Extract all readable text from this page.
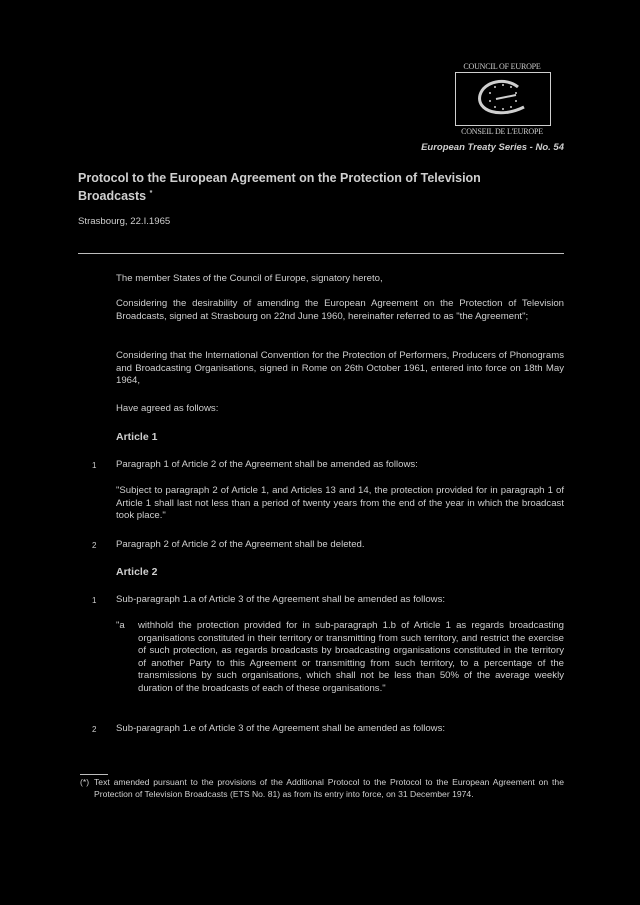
COUNCIL OF EUROPE
CONSEIL DE L'EUROPE
European Treaty Series - No. 54
Protocol to the European Agreement on the Protection of Television Broadcasts *
Strasbourg, 22.I.1965
The member States of the Council of Europe, signatory hereto,
Considering the desirability of amending the European Agreement on the Protection of Television Broadcasts, signed at Strasbourg on 22nd June 1960, hereinafter referred to as "the Agreement";
Considering that the International Convention for the Protection of Performers, Producers of Phonograms and Broadcasting Organisations, signed in Rome on 26th October 1961, entered into force on 18th May 1964,
Have agreed as follows:
Article 1
1 Paragraph 1 of Article 2 of the Agreement shall be amended as follows:
"Subject to paragraph 2 of Article 1, and Articles 13 and 14, the protection provided for in paragraph 1 of Article 1 shall last not less than a period of twenty years from the end of the year in which the broadcast took place."
2 Paragraph 2 of Article 2 of the Agreement shall be deleted.
Article 2
1 Sub-paragraph 1.a of Article 3 of the Agreement shall be amended as follows:
"a withhold the protection provided for in sub-paragraph 1.b of Article 1 as regards broadcasting organisations constituted in their territory or transmitting from such territory, and restrict the exercise of such protection, as regards broadcasts by broadcasting organisations constituted in the territory of another Party to this Agreement or transmitting from such territory, to a percentage of the transmissions by such organisations, which shall not be less than 50% of the average weekly duration of the broadcasts of each of these organisations."
2 Sub-paragraph 1.e of Article 3 of the Agreement shall be amended as follows:
(*) Text amended pursuant to the provisions of the Additional Protocol to the Protocol to the European Agreement on the Protection of Television Broadcasts (ETS No. 81) as from its entry into force, on 31 December 1974.
